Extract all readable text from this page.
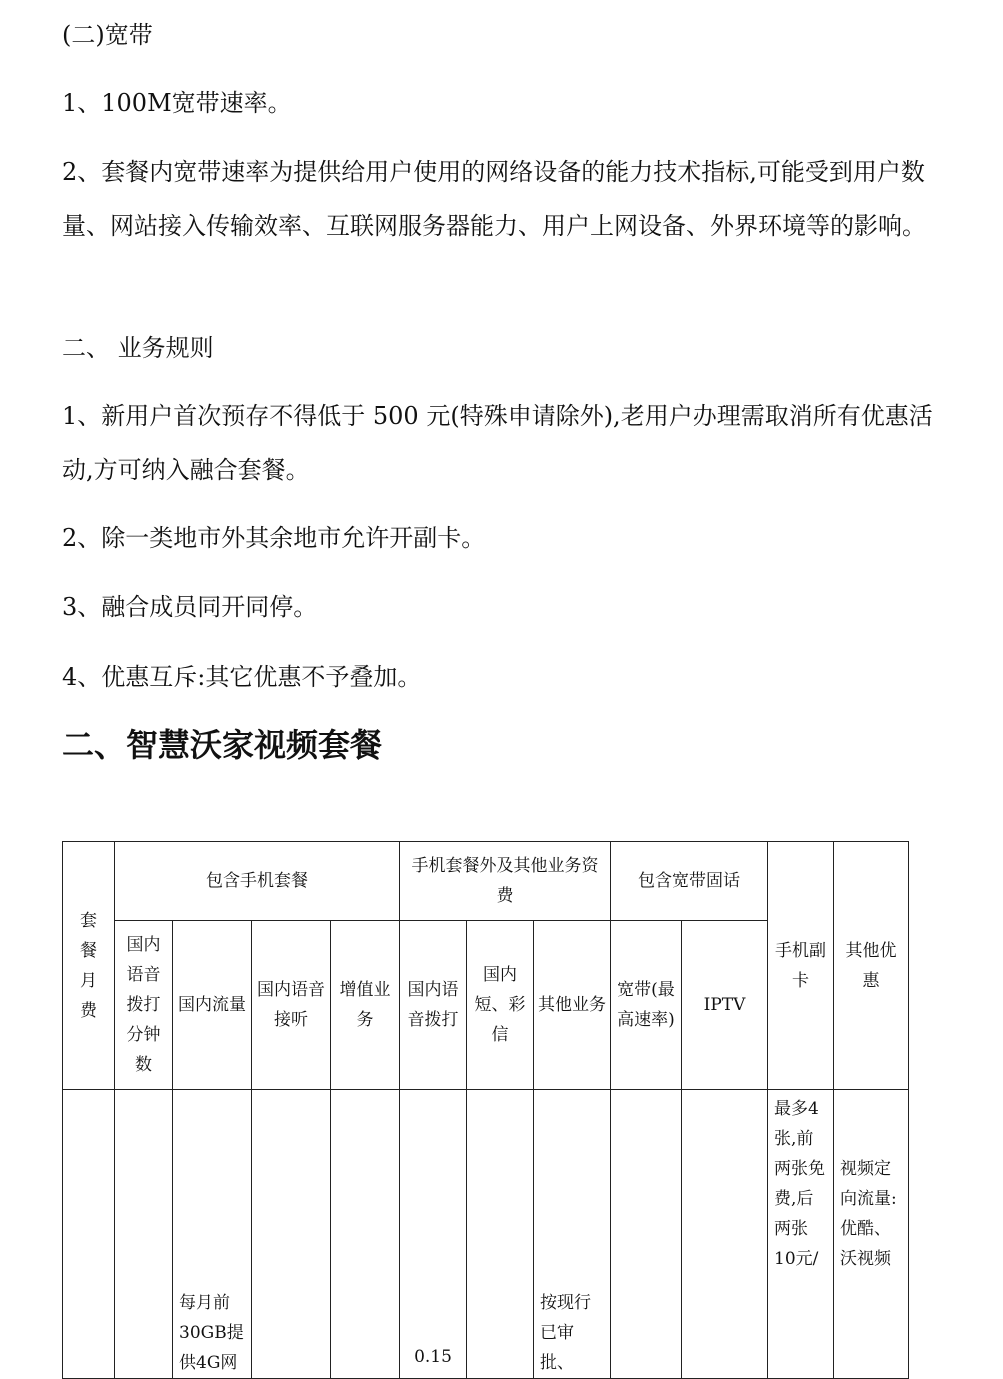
(二)宽带
1、100M宽带速率。
2、套餐内宽带速率为提供给用户使用的网络设备的能力技术指标,可能受到用户数量、网站接入传输效率、互联网服务器能力、用户上网设备、外界环境等的影响。
二、 业务规则
1、新用户首次预存不得低于 500 元(特殊申请除外),老用户办理需取消所有优惠活动,方可纳入融合套餐。
2、除一类地市外其余地市允许开副卡。
3、融合成员同开同停。
4、优惠互斥:其它优惠不予叠加。
二、智慧沃家视频套餐
套餐月费	包含手机套餐				手机套餐外及其他业务资费			包含宽带固话		手机副卡	其他优惠
	国内语音拨打分钟数	国内流量	国内语音接听	增值业务	国内语音拨打	国内短、彩信	其他业务	宽带(最高速率)	IPTV		
		每月前30GB提供4G网			0.15		按现行已审批、			最多4张,前两张免费,后两张10元/	视频定向流量:优酷、沃视频
